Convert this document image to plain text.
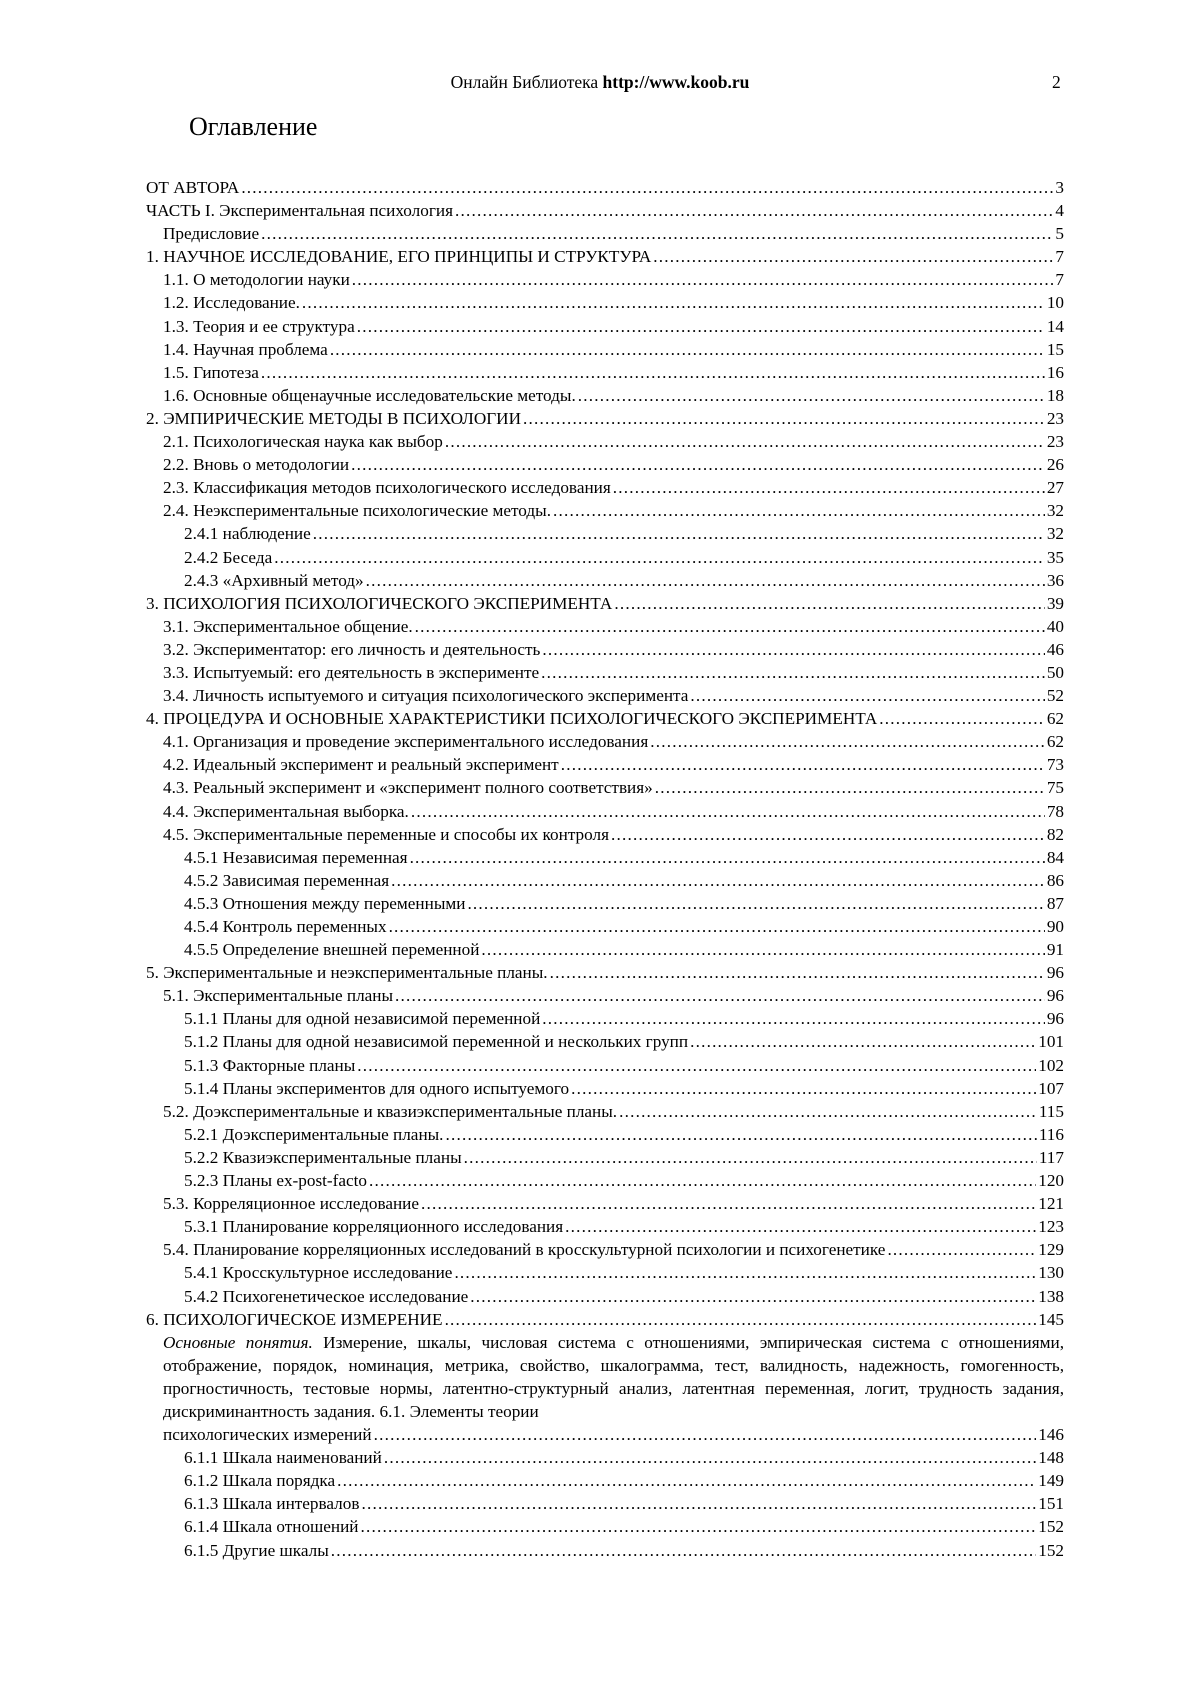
Онлайн Библиотека http://www.koob.ru	2
Оглавление
ОТ АВТОРА .....	3
ЧАСТЬ I. Экспериментальная психология .....	4
Предисловие .....	5
1. НАУЧНОЕ ИССЛЕДОВАНИЕ, ЕГО ПРИНЦИПЫ И СТРУКТУРА .....	7
1.1. О методологии науки .....	7
1.2. Исследование. .....	10
1.3. Теория и ее структура .....	14
1.4. Научная проблема .....	15
1.5. Гипотеза .....	16
1.6. Основные общенаучные исследовательские методы. .....	18
2. ЭМПИРИЧЕСКИЕ МЕТОДЫ В ПСИХОЛОГИИ .....	23
2.1. Психологическая наука как выбор .....	23
2.2. Вновь о методологии .....	26
2.3. Классификация методов психологического исследования .....	27
2.4. Неэкспериментальные психологические методы. .....	32
2.4.1 наблюдение .....	32
2.4.2 Беседа .....	35
2.4.3 «Архивный метод» .....	36
3. ПСИХОЛОГИЯ ПСИХОЛОГИЧЕСКОГО ЭКСПЕРИМЕНТА .....	39
3.1. Экспериментальное общение. .....	40
3.2. Экспериментатор: его личность и деятельность .....	46
3.3. Испытуемый: его деятельность в эксперименте .....	50
3.4. Личность испытуемого и ситуация психологического эксперимента .....	52
4. ПРОЦЕДУРА И ОСНОВНЫЕ ХАРАКТЕРИСТИКИ ПСИХОЛОГИЧЕСКОГО ЭКСПЕРИМЕНТА .....	62
4.1. Организация и проведение экспериментального исследования .....	62
4.2. Идеальный эксперимент и реальный эксперимент .....	73
4.3. Реальный эксперимент и «эксперимент полного соответствия» .....	75
4.4. Экспериментальная выборка. .....	78
4.5. Экспериментальные переменные и способы их контроля .....	82
4.5.1 Независимая переменная .....	84
4.5.2 Зависимая переменная .....	86
4.5.3 Отношения между переменными .....	87
4.5.4 Контроль переменных .....	90
4.5.5 Определение внешней переменной .....	91
5. Экспериментальные и неэкспериментальные планы. .....	96
5.1. Экспериментальные планы .....	96
5.1.1 Планы для одной независимой переменной .....	96
5.1.2 Планы для одной независимой переменной и нескольких групп .....	101
5.1.3 Факторные планы .....	102
5.1.4 Планы экспериментов для одного испытуемого .....	107
5.2. Доэкспериментальные и квазиэкспериментальные планы. .....	115
5.2.1 Доэкспериментальные планы. .....	116
5.2.2 Квазиэкспериментальные планы .....	117
5.2.3 Планы ex-post-facto .....	120
5.3. Корреляционное исследование .....	121
5.3.1 Планирование корреляционного исследования .....	123
5.4. Планирование корреляционных исследований в кросскультурной психологии и психогенетике .....	129
5.4.1 Кросскультурное исследование .....	130
5.4.2 Психогенетическое исследование .....	138
6. ПСИХОЛОГИЧЕСКОЕ ИЗМЕРЕНИЕ .....	145
Основные понятия. Измерение, шкалы, числовая система с отношениями, эмпирическая система с отношениями, отображение, порядок, номинация, метрика, свойство, шкалограмма, тест, валидность, надежность, гомогенность, прогностичность, тестовые нормы, латентно-структурный анализ, латентная переменная, логит, трудность задания, дискриминантность задания. 6.1. Элементы теории
психологических измерений .....	146
6.1.1 Шкала наименований .....	148
6.1.2 Шкала порядка .....	149
6.1.3 Шкала интервалов .....	151
6.1.4 Шкала отношений .....	152
6.1.5 Другие шкалы .....	152
